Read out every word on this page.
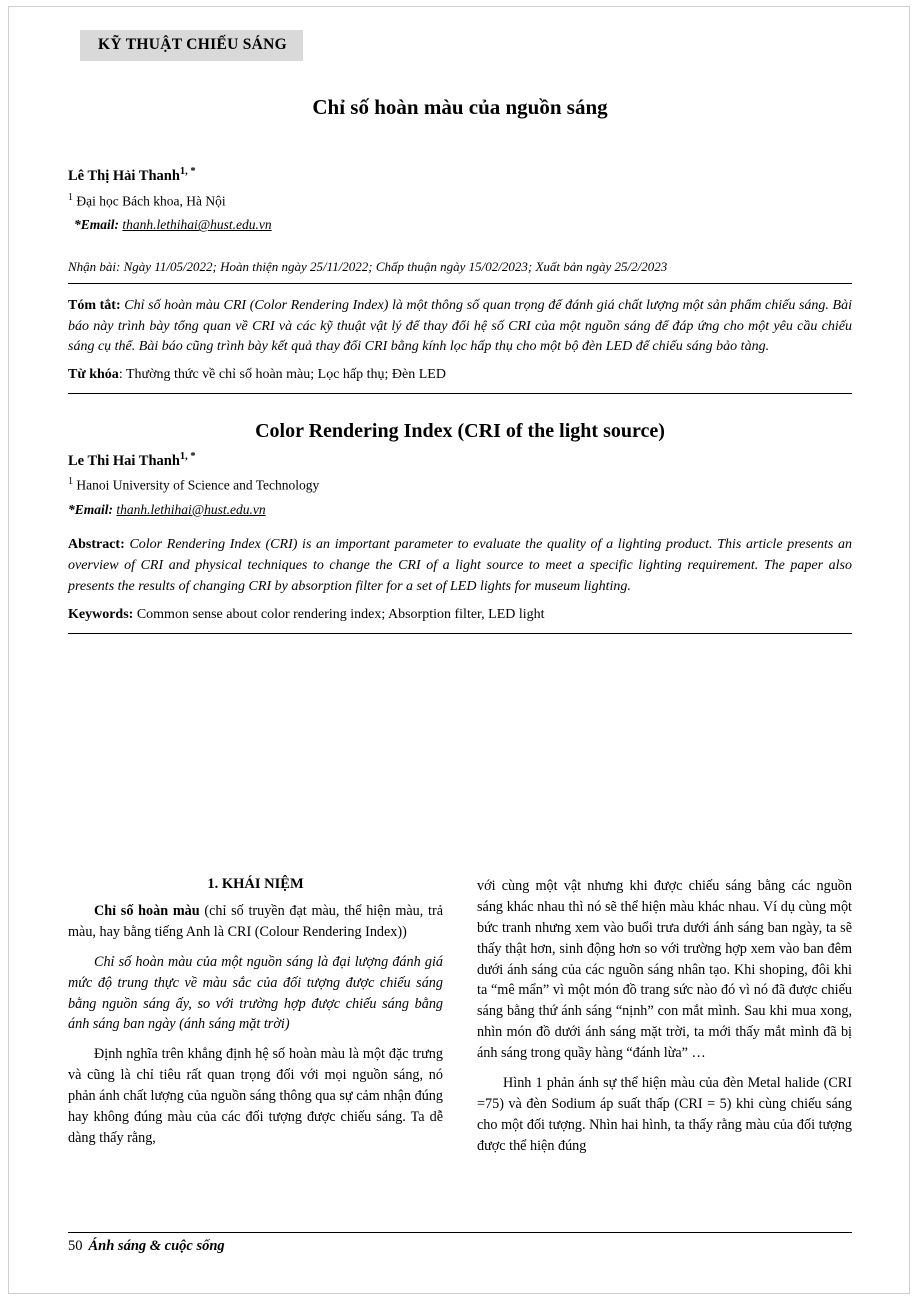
KỸ THUẬT CHIẾU SÁNG
Chỉ số hoàn màu của nguồn sáng
Lê Thị Hải Thanh$^{1, *}$
$^1$ Đại học Bách khoa, Hà Nội
*Email: thanh.lethihai@hust.edu.vn
Nhận bài: Ngày 11/05/2022; Hoàn thiện ngày 25/11/2022; Chấp thuận ngày 15/02/2023; Xuất bản ngày 25/2/2023
Tóm tắt: Chỉ số hoàn màu CRI (Color Rendering Index) là một thông số quan trọng để đánh giá chất lượng một sản phẩm chiếu sáng. Bài báo này trình bày tổng quan về CRI và các kỹ thuật vật lý để thay đổi hệ số CRI của một nguồn sáng để đáp ứng cho một yêu cầu chiếu sáng cụ thể. Bài báo cũng trình bày kết quả thay đổi CRI bằng kính lọc hấp thụ cho một bộ đèn LED để chiếu sáng bảo tàng.
Từ khóa: Thường thức về chỉ số hoàn màu; Lọc hấp thụ; Đèn LED
Color Rendering Index (CRI of the light source)
Le Thi Hai Thanh$^{1, *}$
$^1$ Hanoi University of Science and Technology
*Email: thanh.lethihai@hust.edu.vn
Abstract: Color Rendering Index (CRI) is an important parameter to evaluate the quality of a lighting product. This article presents an overview of CRI and physical techniques to change the CRI of a light source to meet a specific lighting requirement. The paper also presents the results of changing CRI by absorption filter for a set of LED lights for museum lighting.
Keywords: Common sense about color rendering index; Absorption filter, LED light
1. KHÁI NIỆM

Chỉ số hoàn màu (chỉ số truyền đạt màu, thể hiện màu, trả màu, hay bằng tiếng Anh là CRI (Colour Rendering Index))

Chỉ số hoàn màu của một nguồn sáng là đại lượng đánh giá mức độ trung thực về màu sắc của đối tượng được chiếu sáng bằng nguồn sáng ấy, so với trường hợp được chiếu sáng bằng ánh sáng ban ngày (ánh sáng mặt trời)

Định nghĩa trên khẳng định hệ số hoàn màu là một đặc trưng và cũng là chỉ tiêu rất quan trọng đối với mọi nguồn sáng, nó phản ánh chất lượng của nguồn sáng thông qua sự cảm nhận đúng hay không đúng màu của các đối tượng được chiếu sáng. Ta dễ dàng thấy rằng,

với cùng một vật nhưng khi được chiếu sáng bằng các nguồn sáng khác nhau thì nó sẽ thể hiện màu khác nhau. Ví dụ cùng một bức tranh nhưng xem vào buổi trưa dưới ánh sáng ban ngày, ta sẽ thấy thật hơn, sinh động hơn so với trường hợp xem vào ban đêm dưới ánh sáng của các nguồn sáng nhân tạo. Khi shoping, đôi khi ta “mê mẩn” vì một món đồ trang sức nào đó vì nó đã được chiếu sáng bằng thứ ánh sáng “nịnh” con mắt mình. Sau khi mua xong, nhìn món đồ dưới ánh sáng mặt trời, ta mới thấy mắt mình đã bị ánh sáng trong quầy hàng “đánh lừa” …

Hình 1 phản ánh sự thể hiện màu của đèn Metal halide (CRI =75) và đèn Sodium áp suất thấp (CRI = 5) khi cùng chiếu sáng cho một đối tượng. Nhìn hai hình, ta thấy rằng màu của đối tượng được thể hiện đúng

50 Ánh sáng & cuộc sống
